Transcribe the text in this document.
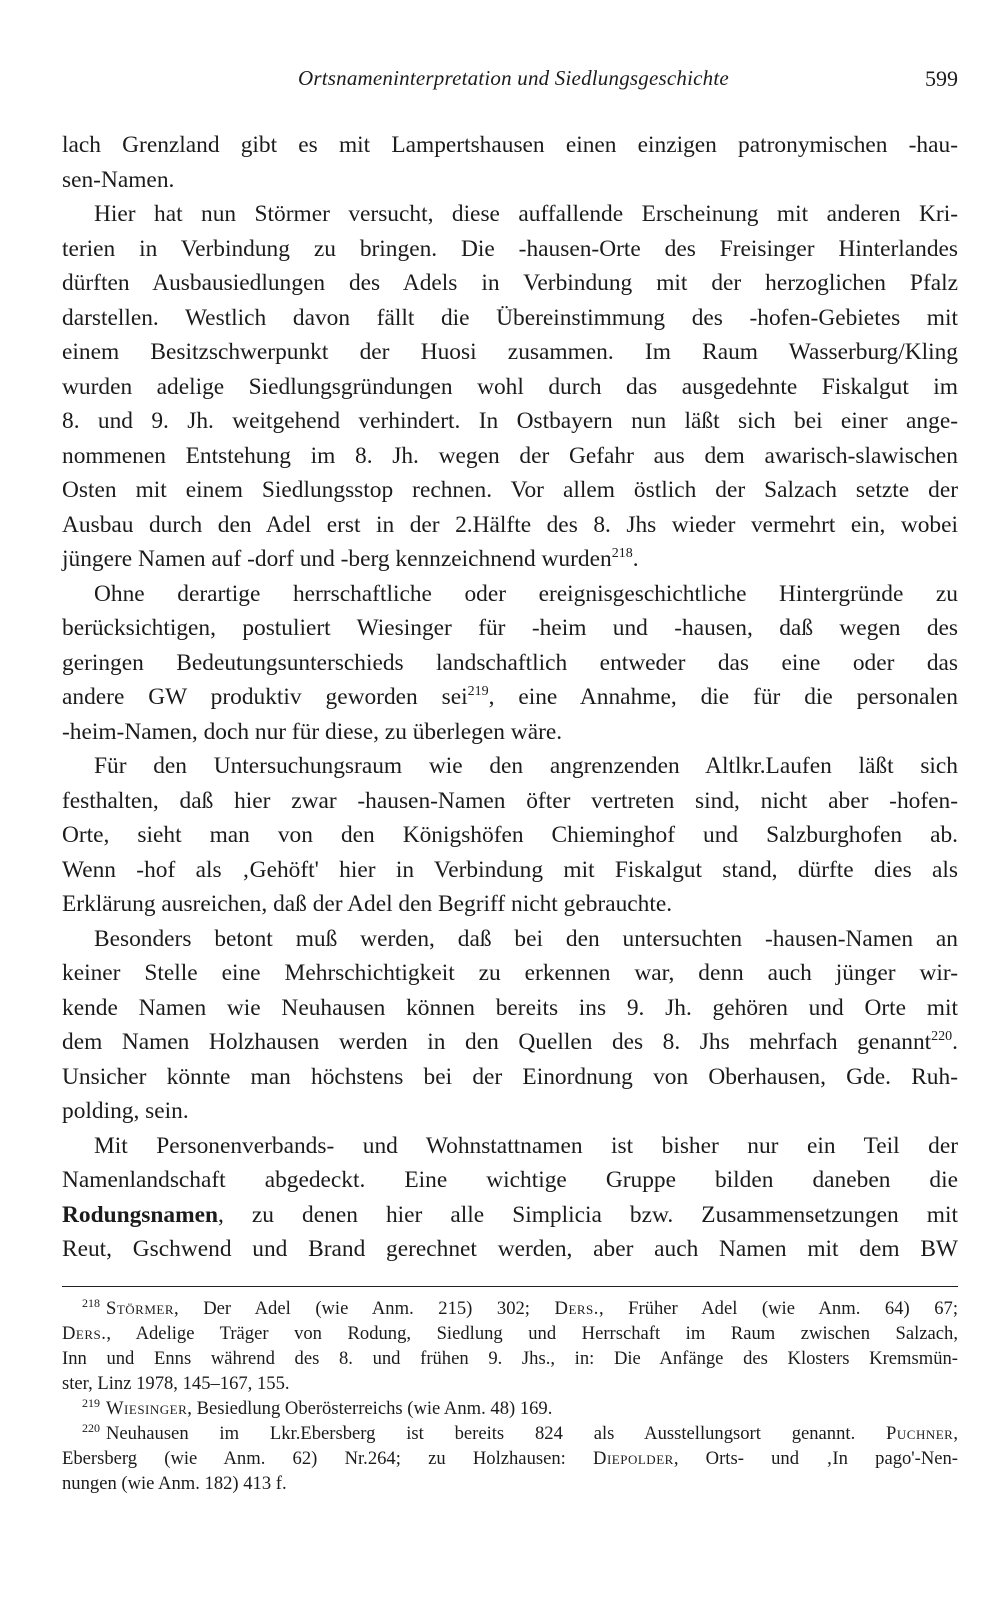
Ortsnameninterpretation und Siedlungsgeschichte	599
lach Grenzland gibt es mit Lampertshausen einen einzigen patronymischen -hau-
sen-Namen.
Hier hat nun Störmer versucht, diese auffallende Erscheinung mit anderen Kri-
terien in Verbindung zu bringen. Die -hausen-Orte des Freisinger Hinterlandes
dürften Ausbausiedlungen des Adels in Verbindung mit der herzoglichen Pfalz
darstellen. Westlich davon fällt die Übereinstimmung des -hofen-Gebietes mit
einem Besitzschwerpunkt der Huosi zusammen. Im Raum Wasserburg/Kling
wurden adelige Siedlungsgründungen wohl durch das ausgedehnte Fiskalgut im
8. und 9. Jh. weitgehend verhindert. In Ostbayern nun läßt sich bei einer ange-
nommenen Entstehung im 8. Jh. wegen der Gefahr aus dem awarisch-slawischen
Osten mit einem Siedlungsstop rechnen. Vor allem östlich der Salzach setzte der
Ausbau durch den Adel erst in der 2.Hälfte des 8. Jhs wieder vermehrt ein, wobei
jüngere Namen auf -dorf und -berg kennzeichnend wurden$^{218}$.
Ohne derartige herrschaftliche oder ereignisgeschichtliche Hintergründe zu
berücksichtigen, postuliert Wiesinger für -heim und -hausen, daß wegen des
geringen Bedeutungsunterschieds landschaftlich entweder das eine oder das
andere GW produktiv geworden sei$^{219}$, eine Annahme, die für die personalen
-heim-Namen, doch nur für diese, zu überlegen wäre.
Für den Untersuchungsraum wie den angrenzenden Altlkr.Laufen läßt sich
festhalten, daß hier zwar -hausen-Namen öfter vertreten sind, nicht aber -hofen-
Orte, sieht man von den Königshöfen Chieminghof und Salzburghofen ab.
Wenn -hof als ‚Gehöft' hier in Verbindung mit Fiskalgut stand, dürfte dies als
Erklärung ausreichen, daß der Adel den Begriff nicht gebrauchte.
Besonders betont muß werden, daß bei den untersuchten -hausen-Namen an
keiner Stelle eine Mehrschichtigkeit zu erkennen war, denn auch jünger wir-
kende Namen wie Neuhausen können bereits ins 9. Jh. gehören und Orte mit
dem Namen Holzhausen werden in den Quellen des 8. Jhs mehrfach genannt$^{220}$.
Unsicher könnte man höchstens bei der Einordnung von Oberhausen, Gde. Ruh-
polding, sein.
Mit Personenverbands- und Wohnstattnamen ist bisher nur ein Teil der
Namenlandschaft abgedeckt. Eine wichtige Gruppe bilden daneben die
Rodungsnamen, zu denen hier alle Simplicia bzw. Zusammensetzungen mit
Reut, Gschwend und Brand gerechnet werden, aber auch Namen mit dem BW
$^{218}$ Störmer, Der Adel (wie Anm. 215) 302; Ders., Früher Adel (wie Anm. 64) 67;
Ders., Adelige Träger von Rodung, Siedlung und Herrschaft im Raum zwischen Salzach,
Inn und Enns während des 8. und frühen 9. Jhs., in: Die Anfänge des Klosters Kremsmün-
ster, Linz 1978, 145–167, 155.
$^{219}$ Wiesinger, Besiedlung Oberösterreichs (wie Anm. 48) 169.
$^{220}$ Neuhausen im Lkr.Ebersberg ist bereits 824 als Ausstellungsort genannt. Puchner,
Ebersberg (wie Anm. 62) Nr.264; zu Holzhausen: Diepolder, Orts- und ‚In pago'-Nen-
nungen (wie Anm. 182) 413 f.
